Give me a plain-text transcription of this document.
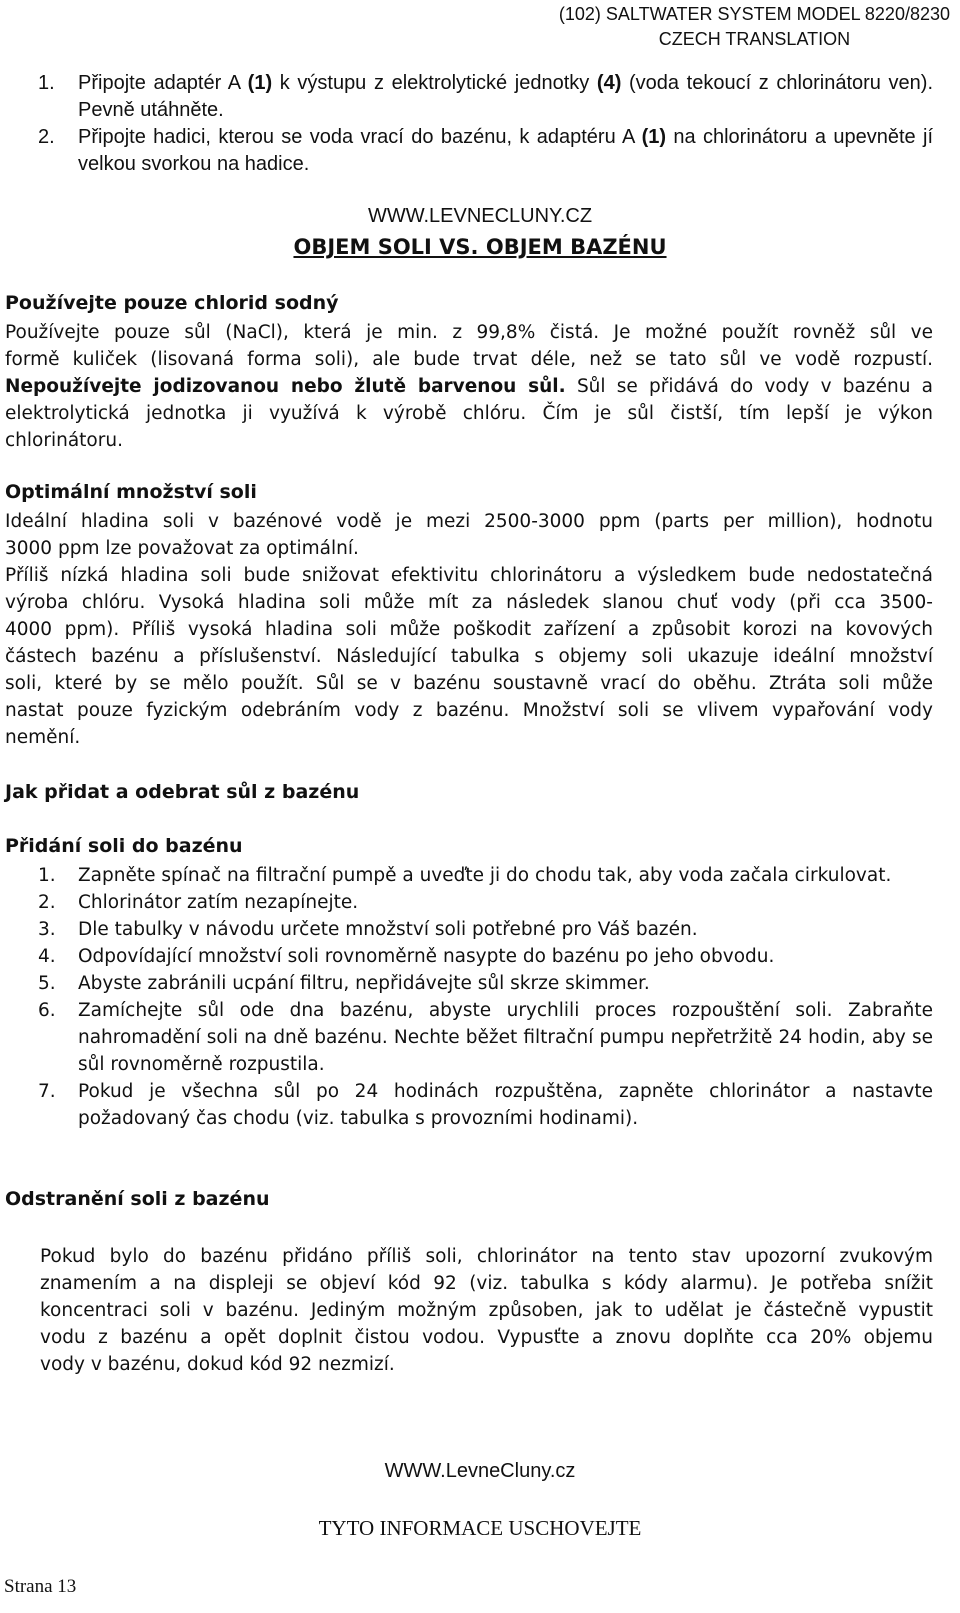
(102) SALTWATER SYSTEM MODEL 8220/8230
CZECH TRANSLATION
1. Připojte adaptér A (1) k výstupu z elektrolytické jednotky (4) (voda tekoucí z chlorinátoru ven). Pevně utáhněte.
2. Připojte hadici, kterou se voda vrací do bazénu, k adaptéru A (1) na chlorinátoru a upevněte jí velkou svorkou na hadice.
WWW.LEVNECLUNY.CZ
OBJEM SOLI VS. OBJEM BAZÉNU
Používejte pouze chlorid sodný
Používejte pouze sůl (NaCl), která je min. z 99,8% čistá. Je možné použít rovněž sůl ve
formě kuliček (lisovaná forma soli), ale bude trvat déle, než se tato sůl ve vodě rozpustí.
Nepoužívejte jodizovanou nebo žlutě barvenou sůl. Sůl se přidává do vody v bazénu a
elektrolytická jednotka ji využívá k výrobě chlóru. Čím je sůl čistší, tím lepší je výkon
chlorinátoru.
Optimální množství soli
Ideální hladina soli v bazénové vodě je mezi 2500-3000 ppm (parts per million), hodnotu
3000 ppm lze považovat za optimální.
Příliš nízká hladina soli bude snižovat efektivitu chlorinátoru a výsledkem bude nedostatečná
výroba chlóru. Vysoká hladina soli může mít za následek slanou chuť vody (při cca 3500-
4000 ppm). Příliš vysoká hladina soli může poškodit zařízení a způsobit korozi na kovových
částech bazénu a příslušenství. Následující tabulka s objemy soli ukazuje ideální množství
soli, které by se mělo použít. Sůl se v bazénu soustavně vrací do oběhu. Ztráta soli může
nastat pouze fyzickým odebráním vody z bazénu. Množství soli se vlivem vypařování vody
nemění.
Jak přidat a odebrat sůl z bazénu
Přidání soli do bazénu
1. Zapněte spínač na filtrační pumpě a uveďte ji do chodu tak, aby voda začala cirkulovat.
2. Chlorinátor zatím nezapínejte.
3. Dle tabulky v návodu určete množství soli potřebné pro Váš bazén.
4. Odpovídající množství soli rovnoměrně nasypte do bazénu po jeho obvodu.
5. Abyste zabránili ucpání filtru, nepřidávejte sůl skrze skimmer.
6. Zamíchejte sůl ode dna bazénu, abyste urychlili proces rozpouštění soli. Zabraňte nahromadění soli na dně bazénu. Nechte běžet filtrační pumpu nepřetržitě 24 hodin, aby se sůl rovnoměrně rozpustila.
7. Pokud je všechna sůl po 24 hodinách rozpuštěna, zapněte chlorinátor a nastavte požadovaný čas chodu (viz. tabulka s provozními hodinami).
Odstranění soli z bazénu
Pokud bylo do bazénu přidáno příliš soli, chlorinátor na tento stav upozorní zvukovým
znamením a na displeji se objeví kód 92 (viz. tabulka s kódy alarmu). Je potřeba snížit
koncentraci soli v bazénu. Jediným možným způsoben, jak to udělat je částečně vypustit
vodu z bazénu a opět doplnit čistou vodou. Vypusťte a znovu doplňte cca 20% objemu
vody v bazénu, dokud kód 92 nezmizí.
WWW.LevneCluny.cz
TYTO INFORMACE USCHOVEJTE
Strana 13
